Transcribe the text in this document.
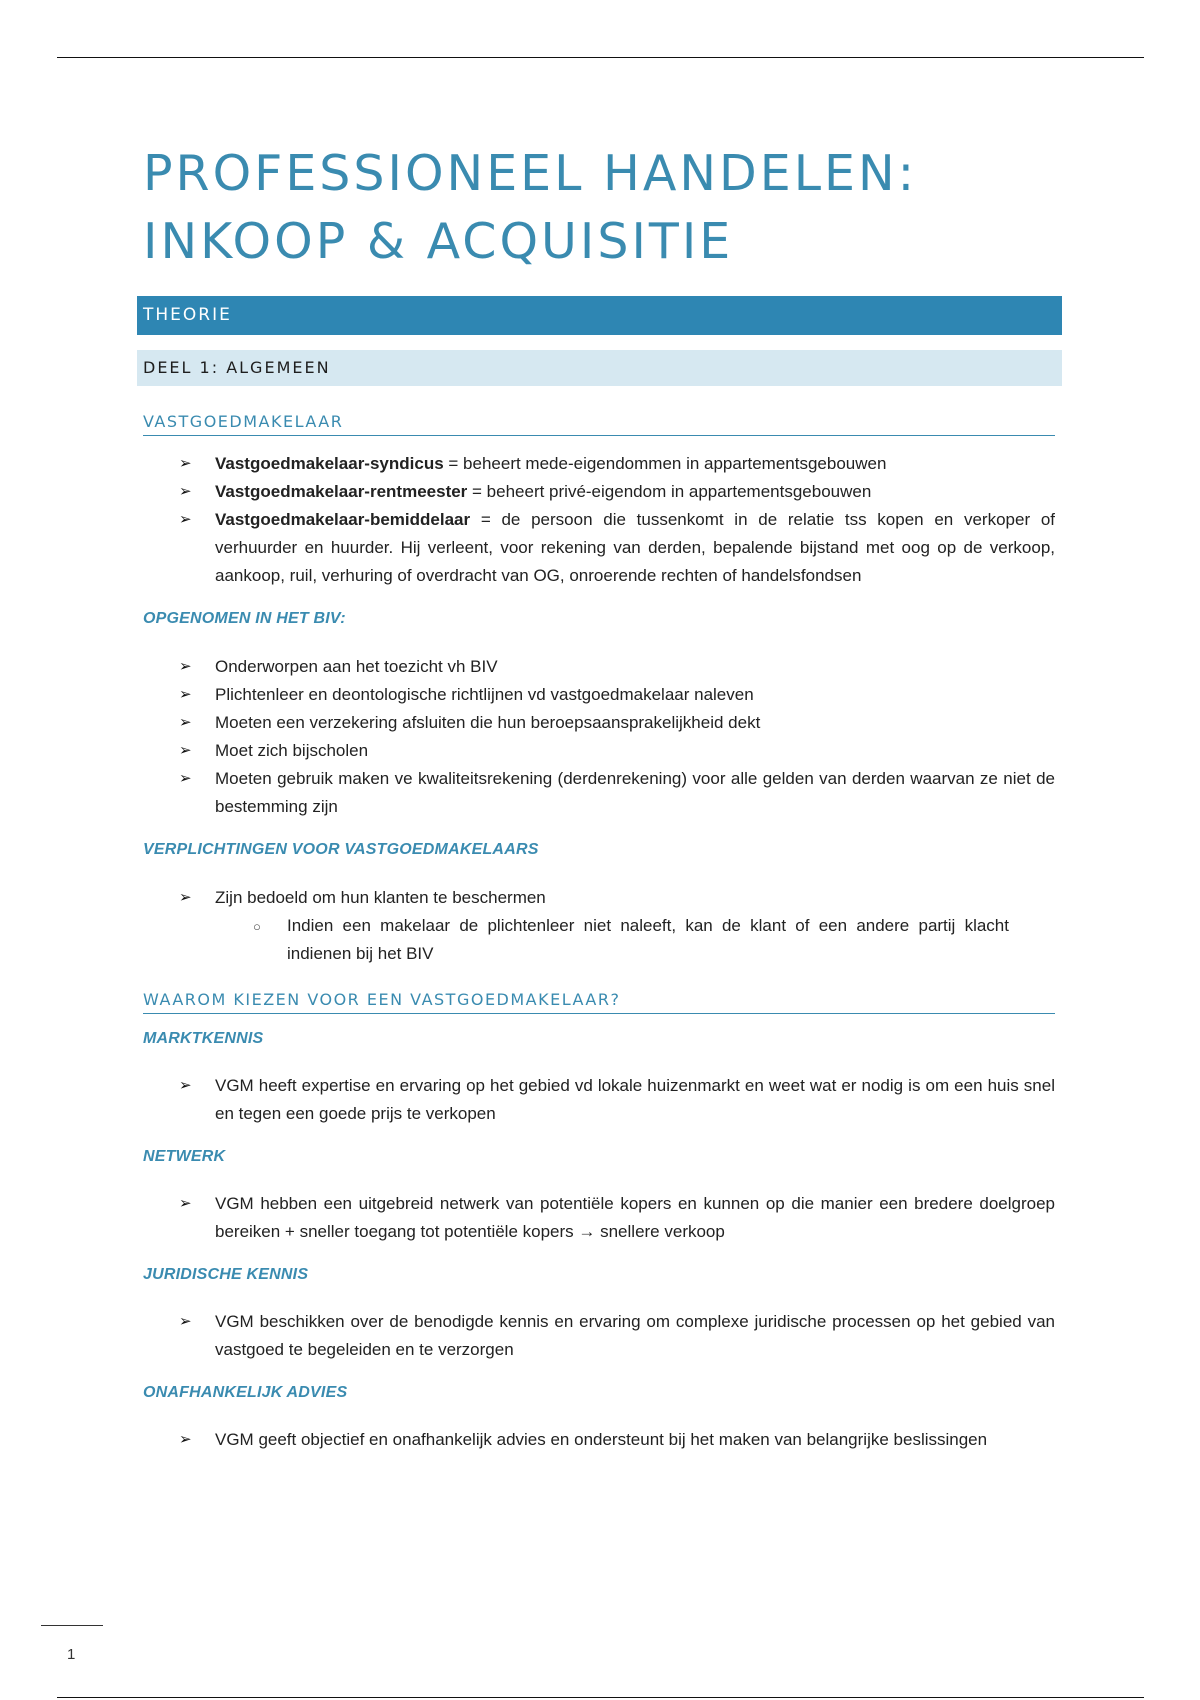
PROFESSIONEEL HANDELEN:
INKOOP & ACQUISITIE
THEORIE
DEEL 1: ALGEMEEN
VASTGOEDMAKELAAR
➢ Vastgoedmakelaar-syndicus = beheert mede-eigendommen in appartementsgebouwen
➢ Vastgoedmakelaar-rentmeester = beheert privé-eigendom in appartementsgebouwen
➢ Vastgoedmakelaar-bemiddelaar = de persoon die tussenkomt in de relatie tss kopen en verkoper of verhuurder en huurder. Hij verleent, voor rekening van derden, bepalende bijstand met oog op de verkoop, aankoop, ruil, verhuring of overdracht van OG, onroerende rechten of handelsfondsen
OPGENOMEN IN HET BIV:
➢ Onderworpen aan het toezicht vh BIV
➢ Plichtenleer en deontologische richtlijnen vd vastgoedmakelaar naleven
➢ Moeten een verzekering afsluiten die hun beroepsaansprakelijkheid dekt
➢ Moet zich bijscholen
➢ Moeten gebruik maken ve kwaliteitsrekening (derdenrekening) voor alle gelden van derden waarvan ze niet de bestemming zijn
VERPLICHTINGEN VOOR VASTGOEDMAKELAARS
➢ Zijn bedoeld om hun klanten te beschermen
○ Indien een makelaar de plichtenleer niet naleeft, kan de klant of een andere partij klacht indienen bij het BIV
WAAROM KIEZEN VOOR EEN VASTGOEDMAKELAAR?
MARKTKENNIS
➢ VGM heeft expertise en ervaring op het gebied vd lokale huizenmarkt en weet wat er nodig is om een huis snel en tegen een goede prijs te verkopen
NETWERK
➢ VGM hebben een uitgebreid netwerk van potentiële kopers en kunnen op die manier een bredere doelgroep bereiken + sneller toegang tot potentiële kopers → snellere verkoop
JURIDISCHE KENNIS
➢ VGM beschikken over de benodigde kennis en ervaring om complexe juridische processen op het gebied van vastgoed te begeleiden en te verzorgen
ONAFHANKELIJK ADVIES
➢ VGM geeft objectief en onafhankelijk advies en ondersteunt bij het maken van belangrijke beslissingen
1
